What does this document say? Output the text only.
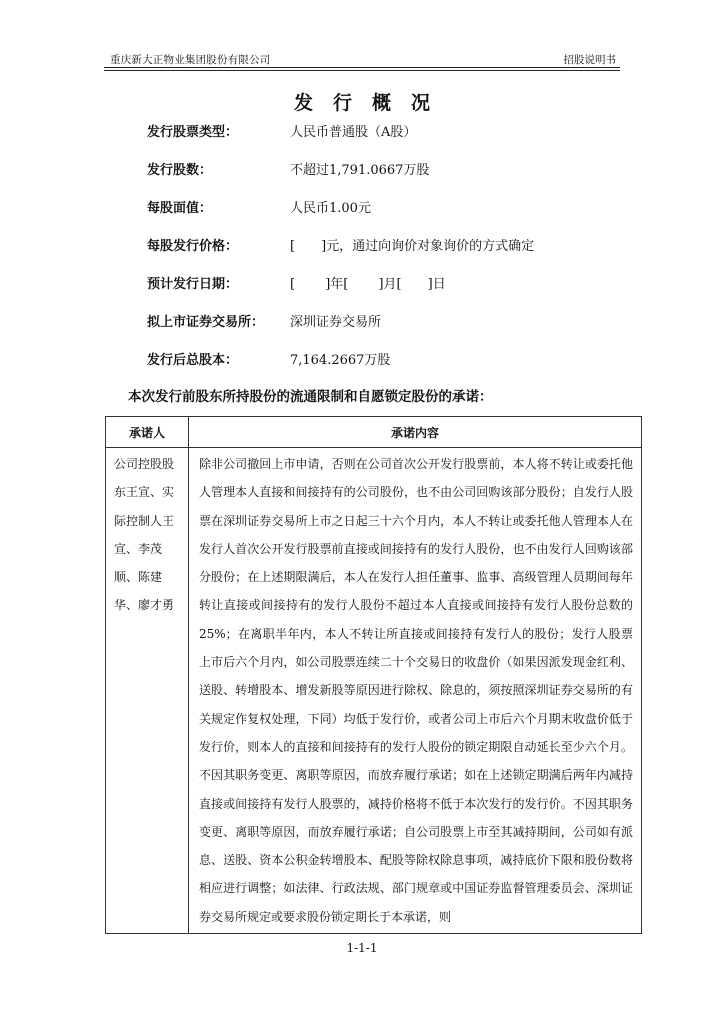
重庆新大正物业集团股份有限公司	招股说明书
发行概况
发行股票类型：	人民币普通股（A股）
发行股数：	不超过1,791.0667万股
每股面值：	人民币1.00元
每股发行价格：	[　　]元，通过向询价对象询价的方式确定
预计发行日期：	[　　 ]年[　　 ]月[　　]日
拟上市证券交易所：	深圳证券交易所
发行后总股本：	7,164.2667万股
本次发行前股东所持股份的流通限制和自愿锁定股份的承诺：
承诺人	承诺内容
公司控股股东王宣、实际控制人王宣、李茂顺、陈建华、廖才勇	除非公司撤回上市申请，否则在公司首次公开发行股票前，本人将不转让或委托他人管理本人直接和间接持有的公司股份，也不由公司回购该部分股份；自发行人股票在深圳证券交易所上市之日起三十六个月内，本人不转让或委托他人管理本人在发行人首次公开发行股票前直接或间接持有的发行人股份，也不由发行人回购该部分股份；在上述期限满后，本人在发行人担任董事、监事、高级管理人员期间每年转让直接或间接持有的发行人股份不超过本人直接或间接持有发行人股份总数的25%；在离职半年内，本人不转让所直接或间接持有发行人的股份；发行人股票上市后六个月内，如公司股票连续二十个交易日的收盘价（如果因派发现金红利、送股、转增股本、增发新股等原因进行除权、除息的，须按照深圳证券交易所的有关规定作复权处理，下同）均低于发行价，或者公司上市后六个月期末收盘价低于发行价，则本人的直接和间接持有的发行人股份的锁定期限自动延长至少六个月。不因其职务变更、离职等原因，而放弃履行承诺；如在上述锁定期满后两年内减持直接或间接持有发行人股票的，减持价格将不低于本次发行的发行价。不因其职务变更、离职等原因，而放弃履行承诺；自公司股票上市至其减持期间，公司如有派息、送股、资本公积金转增股本、配股等除权除息事项，减持底价下限和股份数将相应进行调整；如法律、行政法规、部门规章或中国证券监督管理委员会、深圳证券交易所规定或要求股份锁定期长于本承诺，则
1-1-1
